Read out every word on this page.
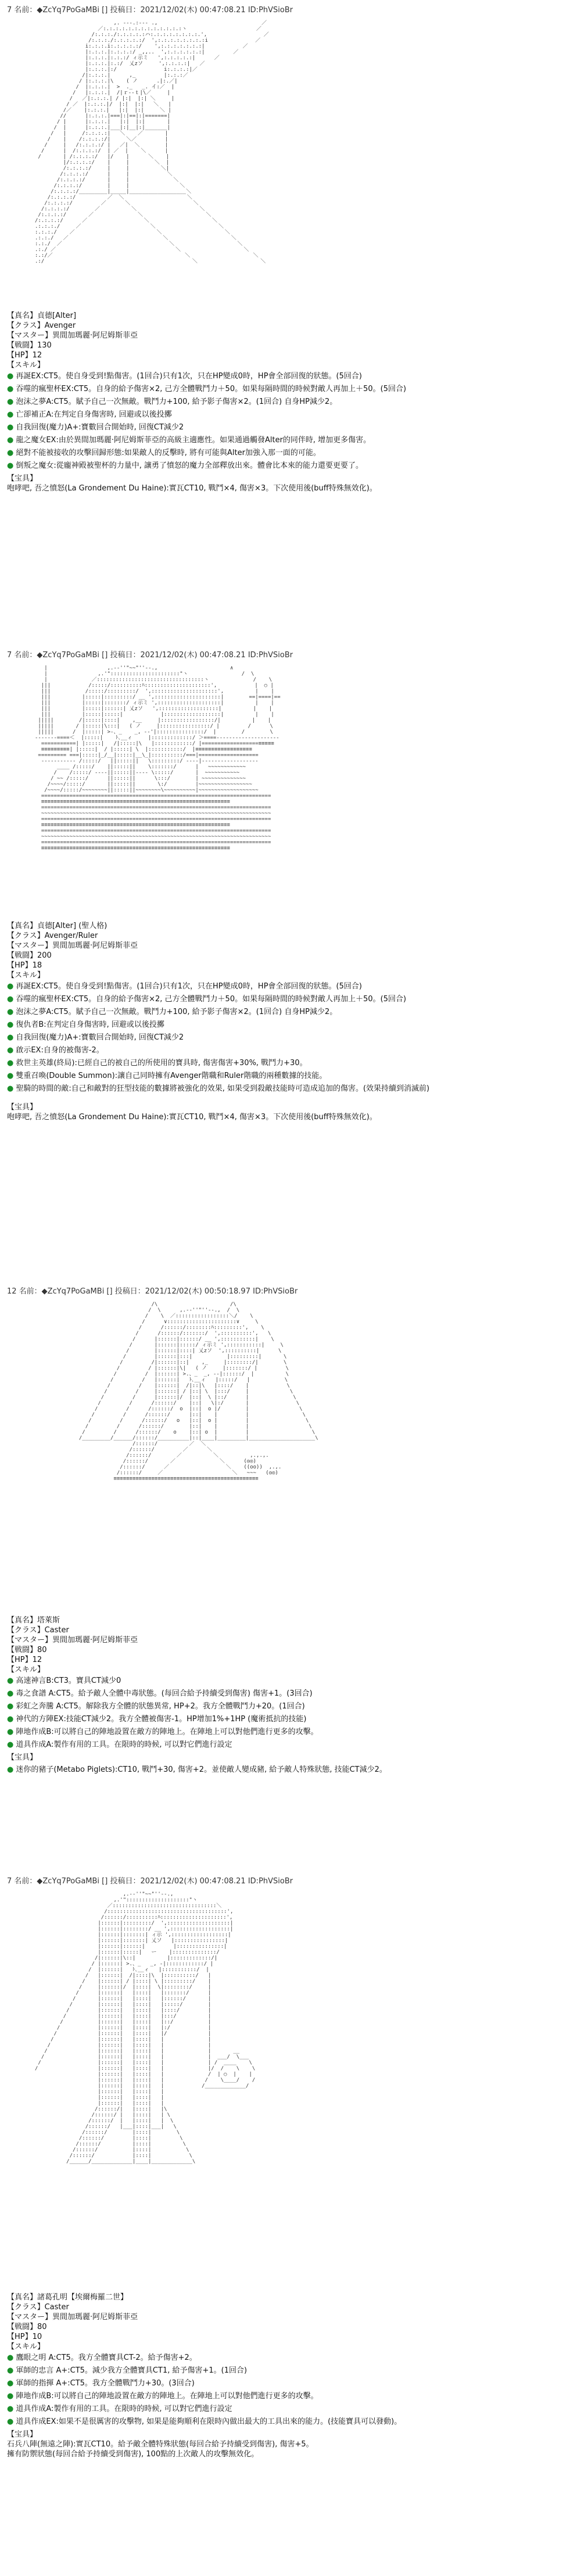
7 名前：◆ZcYq7PoGaMBi [] 投稿日：2021/12/02(木) 00:47:08.21 ID:PhVSioBr
,. --‐.:‐‐- .,                                 ／
／:.:.:.:.:.:.:.:.:.:.:.:.:ヽ                      ／
/:.:.:./:.:.:.:.:ハ:.:.:.:.:.:.:.:.',                  ／
/:.:.:./:.:.:.:.:/  ',:.:.:.:.:.:.:.:i               ／
i:.:.:.i:.:.:.:.:/    ',:.:.:.:.:.:.:|            ／
|:.:.:.|:.:.:.:/ _,,..  ',:.:.:.:.:.:|         ／
|:.:.:.|:.:.:/ ィ示ミ   ',:.:.:.:.:|      ／
|:.:.:.|:.:/  乂zソ     ',:.:.:.:|   ／
|:.:.:.|:/               i:.:.:.:|／
/|:.:.:.|      ,_         |:.:.:／
/ |:.:.:.|\    ( ノ      .|:.／|
/  |:.:.:.|  >  ._   _. イ:／  |
/   |:.:.:.|  /|ｒ‐‐ｔ|\／     |
/   ／|:.:.:.| / |:|  |:| ＼     |
/ ／  |:.:.:.|/  |:|  |:|   ＼   |
/／    |:.:.:.|   |:|  |:|     ＼ |
//      |:.:.:.|===|:|==|:|=======|
/ |      |:.:.:.|   |:|  |:|       |
/  |      |:.:.:.|___|:|__|:|_______|
/   |     /:.:.:.:|   ＼    ／       |
/    |    /:.:.:.:/|     ＼／         |
/     |   /:.:.:.:/ |   ／|  ＼        |
/      |  /:.:.:.:/  | ／  |    ＼      |
/       | /:.:.:.:/   |/    |      ＼    |
|/:.:.:.:/    |     |        ＼  |
/:.:.:.:/     |     |          ＼|
/:.:.:.:/      |     |            ＼
/:.:.:.:/       |     |              ＼
/:.:.:.:/        |     |                ＼
/:.:.:.:/_________|_____|__________________＼
/:.:.:.:/          ／  ＼                    ＼
/:.:.:.:/         ／      ＼                    ＼
/:.:.:.:/        ／          ＼                    ＼
/:.:.:.:/       ／              ＼                    ＼
/:.:.:.:/      ／                  ＼                    ＼
.:.:.:./     ／                      ＼                    ＼
:.:.:./    ／                          ＼                    ＼
.:.:./   ／                              ＼                    ＼
:.:./  ／                                  ＼                    ＼
.:./ ／                                      ＼                    ＼
:.:/／                                          ＼                    ＼
.:/                                               ＼                    ＼

【真名】貞德[Alter]
【クラス】Avenger
【マスター】異間加瑪麗·阿尼姆斯菲亞
【戦闘】130
【HP】12
【スキル】
● 再誕EX:CT5。使自身受到!點傷害。(1回合)只有1次，只在HP變成0時，HP會全部回復的狀態。(5回合)
● 吞噬的瘋聖杯EX:CT5。自身的給予傷害×2, 己方全體戰鬥力＋50。如果每隔時間的時候對敵人再加上＋50。(5回合)
● 泡沫之夢A:CT5。賦予自己一次無敵。戰鬥力+100, 給予影子傷害×2。(1回合) 自身HP減少2。
● 亡卻補正A:在判定自身傷害時, 回避或以後投擲
● 自我回復(魔力)A+:寶數回合開始時, 回復CT減少2
● 龍之魔女EX:由於異間加瑪麗·阿尼姆斯菲亞的高級主適應性。如果通過觸發Alter的同伴時, 增加更多傷害。
● 絕對不能被接收的攻擊回歸形態:如果敵人的反擊時, 將有可能與Alter加強入那一面的可能。
● 倒叛之魔女:從龐神殿被聖杯的力量中, 讓勇了憤怒的魔力全部釋放出來。體會比本來的能力還要更要了。
【宝具】
咆哮吧, 吾之憤怒(La Grondement Du Haine):實瓦CT10, 戰鬥×4, 傷害×3。下次使用後(buff特殊無效化)。
7 名前：◆ZcYq7PoGaMBi [] 投稿日：2021/12/02(木) 00:47:08.21 ID:PhVSioBr
|                   ,.-‐''"~~"''‐-.,                       ∧
|                ,.'"::::::::::::::::::::::"ヽ                 /  \
|              ／::::::::::::::::::::::::::::::::::ヽ              /    \
|||            /:::::/::::::::::ﾊ:::::::::::::::::::::',            |  ○ |
|||           /:::::/:::::::::/  ',:::::::::::::::::::::',          |    |
|||          |:::::|:::::::::/ __ ',:::::::::::::::::::::|        ==|====|==
|||          |:::::|:::::::/ ィ示ミ ',::::::::::::::::::::|          |    |
|||          |:::::|::::::| 乂zソ   ',:::::::::::::::::::|          |    |
|||          |:::::|:::::|            |::::::::::::::::::|          |    |
|||||        /|:::::|::::|    ,__     |:::::::::::::::::/|          |    |
|||||       / |:::::|\:::|   ( ノ     |::::::::::::::::/ |         /      \
|||||      /  |:::::| >-、_    _, -‐'|:::::::::::::::/  |        /        \
-------====＜  |:::::|    ﾄ､__ィ     |:::::::::::::/ ＞====--------------------
===========| |:::::|   /|:::::|\   |::::::::::::/ |==================≡≡≡≡≡
≡≡≡≡≡≡≡≡≡| |:::::|  / |:::::| \  |:::::::::::/  |≡≡≡≡≡≡≡≡≡≡≡≡≡≡≡≡≡≡
========= ===|:::::|_/__|:::::|__\_|::::::::::/===|===================
----------- /:::::/   ||:::::||   \:::::::::/ ----|------------------
____ /:::::/    ||:::::||    \:::::::/      |   ~~~~~~~~~~~~
/    /:::::/ ----||:::::||---- \:::::/       |  ~~~~~~~~~~~
/ ~~ /:::::/      ||:::::||      \:::/        | ~~~~~~~~~~~~~~
/~~~~/:::::/       ||:::::||       \:/         |~~~~~~~~~~~~~~~~~
/~~~~/:::::/~~~~~~~~||:::::||~~~~~~~~\~~~~~~~~~~|~~~~~~~~~~~~~~~~~~~
=========================================================================
≡≡≡≡≡≡≡≡≡≡≡≡≡≡≡≡≡≡≡≡≡≡≡≡≡≡≡≡≡≡≡≡≡≡≡≡≡≡≡≡≡≡≡≡≡≡≡≡≡≡≡≡≡≡≡≡≡≡≡≡
=========================================================================
~~~~~~~~~~~~~~~~~~~~~~~~~~~~~~~~~~~~~~~~~~~~~~~~~~~~~~~~~~~~~~~~~~~~~~~~~
=========================================================================
≡≡≡≡≡≡≡≡≡≡≡≡≡≡≡≡≡≡≡≡≡≡≡≡≡≡≡≡≡≡≡≡≡≡≡≡≡≡≡≡≡≡≡≡≡≡≡≡≡≡≡≡≡≡≡≡≡≡≡≡
=========================================================================
~~~~~~~~~~~~~~~~~~~~~~~~~~~~~~~~~~~~~~~~~~~~~~~~~~~~~~~~~~~~~~~~~~~~~~~~~
=========================================================================
≡≡≡≡≡≡≡≡≡≡≡≡≡≡≡≡≡≡≡≡≡≡≡≡≡≡≡≡≡≡≡≡≡≡≡≡≡≡≡≡≡≡≡≡≡≡≡≡≡≡≡≡≡≡≡≡≡≡≡≡

【真名】貞德[Alter] (聖人格)
【クラス】Avenger/Ruler
【マスター】異間加瑪麗·阿尼姆斯菲亞
【戦闘】200
【HP】18
【スキル】
● 再誕EX:CT5。使自身受到!點傷害。(1回合)只有1次，只在HP變成0時，HP會全部回復的狀態。(5回合)
● 吞噬的瘋聖杯EX:CT5。自身的給予傷害×2, 己方全體戰鬥力＋50。如果每隔時間的時候對敵人再加上＋50。(5回合)
● 泡沫之夢A:CT5。賦予自己一次無敵。戰鬥力+100, 給予影子傷害×2。(1回合) 自身HP減少2。
● 復仇者B:在判定自身傷害時, 回避或以後投擲
● 自我回復(魔力)A+:寶數回合開始時, 回復CT減少2
● 啟示EX:自身的被傷害-2。
● 救世主英雄(終局):已經自己的被自己的所使用的寶具時, 傷害傷害+30%, 戰鬥力+30。
● 雙重召喚(Double Summon):讓自己同時擁有Avenger階職和Ruler階職的兩種數據的技能。
● 聖騎的時間的敵:自己和敵對的狂型技能的數據將被強化的效果, 如果受到殺敵技能時可造成追加的傷害。(效果持續到消滅前)
【宝具】
咆哮吧, 吾之憤怒(La Grondement Du Haine):實瓦CT10, 戰鬥×4, 傷害×3。下次使用後(buff特殊無效化)。
12 名前：◆ZcYq7PoGaMBi [] 投稿日：2021/12/02(木) 00:50:18.97 ID:PhVSioBr
/\                       /\
/  \      ,.-‐''"''‐-.,  /  \
/    \  ／:::::::::::::::::＼/    \
/      ∨::::::::::::::::::::::∨     \
/      /::::::/::::::::ﾊ:::::::::',    \
/      /::::::/:::::::/  ',::::::::::',   \
/      |::::::|::::::/ __ ',:::::::::::|    \
/       |::::::|:::::/ ィ示ミ ',:::::::::::|     \
/        |::::::|::::| 乂zソ  ',::::::::::|      \
/         |::::::|:::|           |:::::::::|       \
/         /|::::::|::|    ,_     |::::::::/|        \
/         / |::::::|\|   ( ノ     |:::::::/ |         \
/         /  |::::::| >.、_  _, -‐|::::::/  |          \
/         /   |::::::|   ﾄ､__ィ   |:::::/   |           \
/         /    |::::::|  /|::|\   |::::/    |            \
/         /     |::::::| / |::| \  |:::/     |             \
/         /      |::::::|/  |::|  \ |::/      |              \
/         /      /::::::/    |::|   \|:/       |               \
/         /      /::::::/  o  |::|  o |/        |                \
/         /      /::::::/      |::|    |         |                 \
/         /      /::::::/   o   |::|  o |         |                  \
/         /      /::::::/        |::|    |         |                   \
/         /      /::::::/    o    |::| o  |         |                    \
/_________/______/::::::/__________|::|____|_________|_____________________\
/::::::/          ／  ＼
/::::::/         ／      ＼
/::::::/        ／          ＼          ,.,.,.
/::::::/       ／              ＼      (◎◎)
/::::::/      ／                  ＼    ((oo))  ,.,.
/::::::/     ／                      ＼   ~~~   (◎◎)
≡≡≡≡≡≡≡≡≡≡≡≡≡≡≡≡≡≡≡≡≡≡≡≡≡≡≡≡≡≡≡≡≡≡≡≡≡≡≡≡≡≡≡≡≡≡

【真名】塔萊斯
【クラス】Caster
【マスター】異間加瑪麗·阿尼姆斯菲亞
【戦闘】80
【HP】12
【スキル】
● 高速神言B:CT3。寶具CT減少0
● 毒之食譜 A:CT5。給予敵人全體中毒狀態。(每回合給予持續受到傷害) 傷害+1。(3回合)
● 彩虹之奔騰 A:CT5。解除我方全體的狀態異常, HP+2。我方全體戰鬥力+20。(1回合)
● 神代的方陣EX:技能CT減少2。我方全體被傷害-1。HP增加1%+1HP (魔術抵抗的技能)
● 陣地作成B:可以將自己的陣地設置在敵方的陣地上。在陣地上可以對他們進行更多的攻擊。
● 道具作成A:製作有用的工具。在限時的時候, 可以對它們進行設定
【宝具】
● 迷你的豬子(Metabo Piglets):CT10, 戰鬥+30, 傷害+2。並使敵人變成豬, 給予敵人特殊狀態, 技能CT減少2。
7 名前：◆ZcYq7PoGaMBi [] 投稿日：2021/12/02(木) 00:47:08.21 ID:PhVSioBr
,.-‐''"~~"''‐-.,
,.'"::::::::::::::::::::"ヽ
／:::::::::::::::::::::::::::::::::＼
/::::::::::::::::::::::::::::::::::::::',
/::::::/::::::::::ﾊ:::::::::::::::::::::',
|::::::|:::::::::/  ',::::::::::::::::::::|
|::::::|::::::::/ __ ',:::::::::::::::::::|
|::::::|:::::::| ィ示 ',::::::::::::::::::|
|::::::|:::::::| 乂ソ   |::::::::::::::::|
|::::::|::::::|         |:::::::::::::::|
|::::::|:::::|   ー    |::::::::::::::/
/|::::::|\::|          |:::::::::::::/|
/ |::::::| >.、_   _, -|::::::::::::/ |
/  |::::::|   ﾄ､__ィ   |:::::::::::/  |
/   |::::::|  /|::::|\  |::::::::::/   |
/    |::::::| / |::::| \ |:::::::::/    |
/     |::::::|/  |::::|  \|::::::::/     |
/      |::::::|   |::::|   |:::::::/      |
/       |::::::|   |::::|   |::::::/       |
/        |::::::|   |::::|   |:::::/        |
/         |::::::|   |::::|   |::::/         |
/          |::::::|   |::::|   |:::/          |
/           |::::::|   |::::|   |::/           |
/            |::::::|   |::::|   |:/            |
/             |::::::|   |::::|   |/             |
/              |::::::|   |::::|   |              |
/               |::::::|   |::::|   |              |
/                |::::::|   |::::|   |              |       __
/                 |::::::|   |::::|   |              |  ___/  \___
/                  |::::::|   |::::|   |              | /  ____    \
/                   |::::::|   |::::|   |              |/  /    \    \
|::::::|   |::::|   |              /  | ○  |    |
|::::::|   |::::|   |             /    \____/    /
|::::::|   |::::|   |            /_____________/
|::::::|   |::::|   |
|::::::|   |::::|   |
|::::::|   |::::|   |
/::::::/|   |::::|   |\
/::::::/ |   |::::|   | \
/::::::/  |   |::::|   |  \
/::::::/   |___|::::|___|   \
/::::::/        |::::|        \
/::::::/         |::::|         \
/::::::/          |::::|          \
/::::::/           |::::|           \
/::::::/            |::::|            \
/______/_____________|____|_____________\

【真名】諸葛孔明【埃爾梅羅二世】
【クラス】Caster
【マスター】異間加瑪麗·阿尼姆斯菲亞
【戦闘】80
【HP】10
【スキル】
● 鷹眼之明 A:CT5。我方全體寶具CT-2。給予傷害+2。
● 軍師的忠言 A+:CT5。減少我方全體寶具CT1, 給予傷害+1。(1回合)
● 軍師的指揮 A+:CT5。我方全體戰鬥力+30。(3回合)
● 陣地作成B:可以將自己的陣地設置在敵方的陣地上。在陣地上可以對他們進行更多的攻擊。
● 道具作成A:製作有用的工具。在限時的時候, 可以對它們進行設定
● 道具作成EX:如果不是很厲害的攻擊物, 如果是能夠順利在限時內做出最大的工具出來的能力。(技能寶具可以發動)。
【宝具】
石兵八陣(無遠之陣):實瓦CT10。給予敵全體特殊狀態(每回合給予持續受到傷害), 傷害+5。
擁有防禦狀態(每回合給予持續受到傷害), 100點的上次敵人的攻擊無效化。
